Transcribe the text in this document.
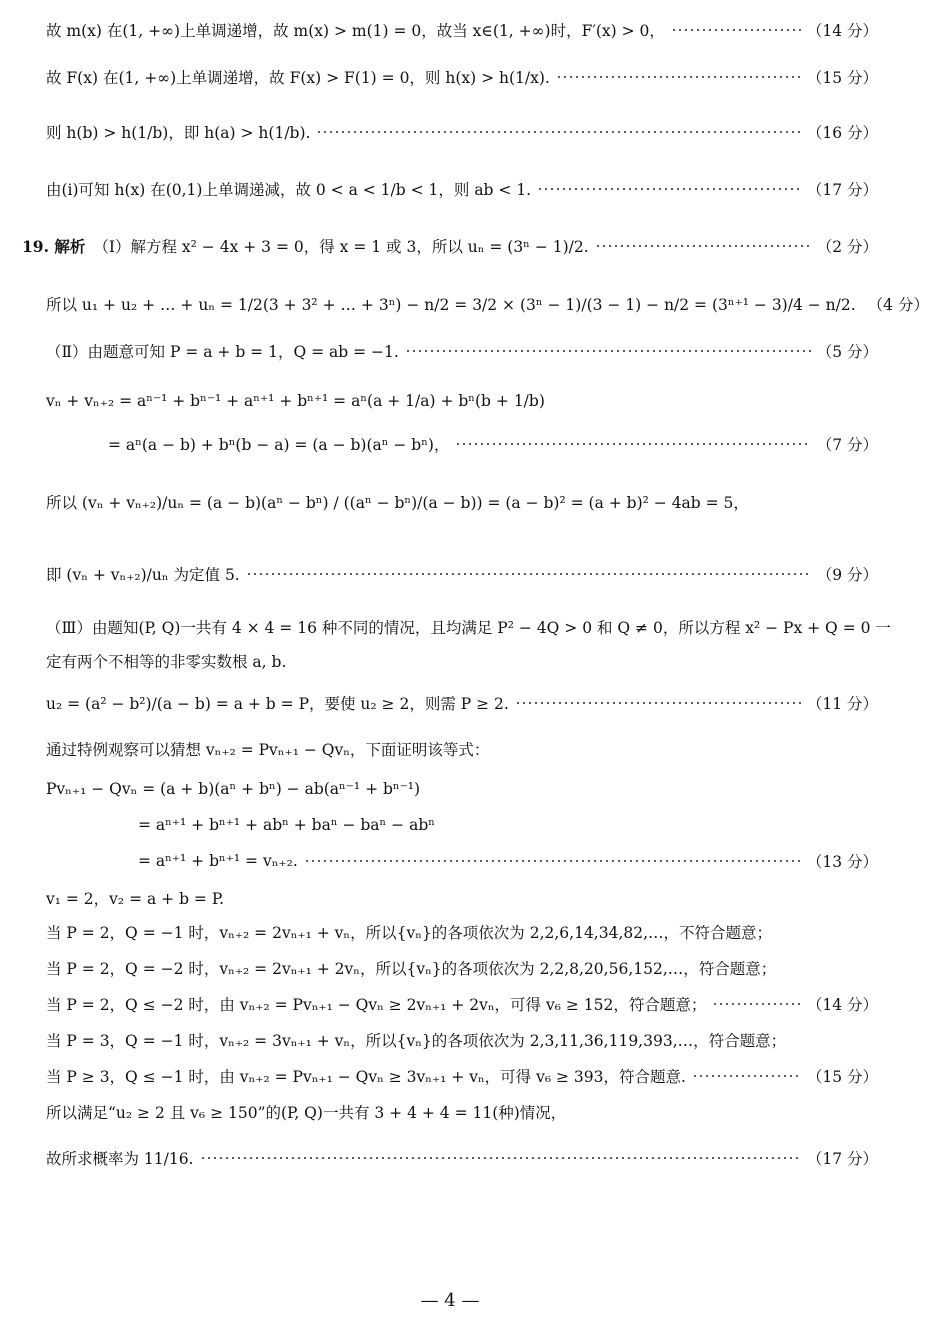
故 m(x) 在(1, +∞)上单调递增，故 m(x) > m(1) = 0，故当 x∈(1, +∞)时，F′(x) > 0，	（14 分）
故 F(x) 在(1, +∞)上单调递增，故 F(x) > F(1) = 0，则 h(x) > h(1/x).	（15 分）
则 h(b) > h(1/b)，即 h(a) > h(1/b).	（16 分）
由(ⅰ)可知 h(x) 在(0,1)上单调递减，故 0 < a < 1/b < 1，则 ab < 1.	（17 分）
19. 解析 （Ⅰ）解方程 x² − 4x + 3 = 0，得 x = 1 或 3，所以 uₙ = (3ⁿ − 1)/2.	（2 分）
所以 u₁ + u₂ + … + uₙ = 1/2(3 + 3² + … + 3ⁿ) − n/2 = 3/2 × (3ⁿ − 1)/(3 − 1) − n/2 = (3ⁿ⁺¹ − 3)/4 − n/2. （4 分）
（Ⅱ）由题意可知 P = a + b = 1，Q = ab = −1.	（5 分）
vₙ + vₙ₊₂ = aⁿ⁻¹ + bⁿ⁻¹ + aⁿ⁺¹ + bⁿ⁺¹ = aⁿ(a + 1/a) + bⁿ(b + 1/b)
= aⁿ(a − b) + bⁿ(b − a) = (a − b)(aⁿ − bⁿ)，	（7 分）
所以 (vₙ + vₙ₊₂)/uₙ = (a − b)(aⁿ − bⁿ) / ((aⁿ − bⁿ)/(a − b)) = (a − b)² = (a + b)² − 4ab = 5，
即 (vₙ + vₙ₊₂)/uₙ 为定值 5.	（9 分）
（Ⅲ）由题知(P, Q)一共有 4 × 4 = 16 种不同的情况，且均满足 P² − 4Q > 0 和 Q ≠ 0，所以方程 x² − Px + Q = 0 一
定有两个不相等的非零实数根 a, b.
u₂ = (a² − b²)/(a − b) = a + b = P，要使 u₂ ≥ 2，则需 P ≥ 2.	（11 分）
通过特例观察可以猜想 vₙ₊₂ = Pvₙ₊₁ − Qvₙ，下面证明该等式：
Pvₙ₊₁ − Qvₙ = (a + b)(aⁿ + bⁿ) − ab(aⁿ⁻¹ + bⁿ⁻¹)
= aⁿ⁺¹ + bⁿ⁺¹ + abⁿ + baⁿ − baⁿ − abⁿ
= aⁿ⁺¹ + bⁿ⁺¹ = vₙ₊₂.	（13 分）
v₁ = 2，v₂ = a + b = P.
当 P = 2，Q = −1 时，vₙ₊₂ = 2vₙ₊₁ + vₙ，所以{vₙ}的各项依次为 2,2,6,14,34,82,…，不符合题意；
当 P = 2，Q = −2 时，vₙ₊₂ = 2vₙ₊₁ + 2vₙ，所以{vₙ}的各项依次为 2,2,8,20,56,152,…，符合题意；
当 P = 2，Q ≤ −2 时，由 vₙ₊₂ = Pvₙ₊₁ − Qvₙ ≥ 2vₙ₊₁ + 2vₙ，可得 v₆ ≥ 152，符合题意；	（14 分）
当 P = 3，Q = −1 时，vₙ₊₂ = 3vₙ₊₁ + vₙ，所以{vₙ}的各项依次为 2,3,11,36,119,393,…，符合题意；
当 P ≥ 3，Q ≤ −1 时，由 vₙ₊₂ = Pvₙ₊₁ − Qvₙ ≥ 3vₙ₊₁ + vₙ，可得 v₆ ≥ 393，符合题意.	（15 分）
所以满足“u₂ ≥ 2 且 v₆ ≥ 150”的(P, Q)一共有 3 + 4 + 4 = 11(种)情况，
故所求概率为 11/16.	（17 分）
— 4 —
